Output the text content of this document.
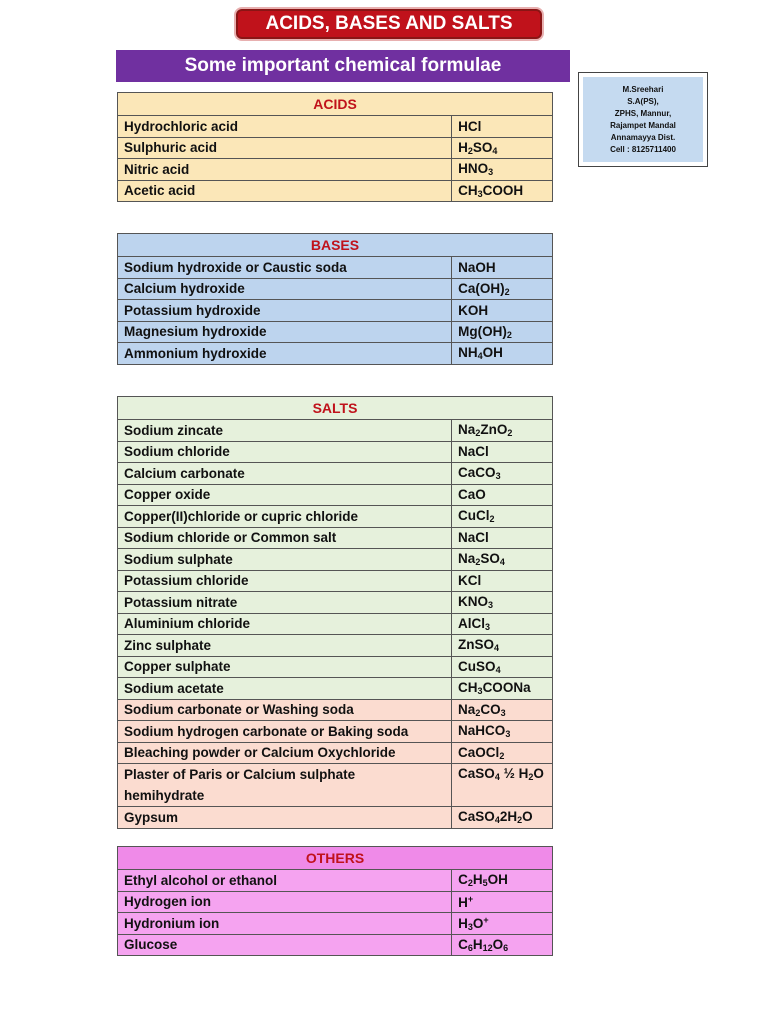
ACIDS, BASES AND SALTS
Some important chemical formulae
M.Sreehari
S.A(PS),
ZPHS, Mannur,
Rajampet Mandal
Annamayya Dist.
Cell : 8125711400
ACIDS	
Hydrochloric acid	HCl
Sulphuric acid	$H_2SO_4$
Nitric acid	$HNO_3$
Acetic acid	$CH_3COOH$
BASES	
Sodium hydroxide or Caustic soda	NaOH
Calcium hydroxide	$Ca(OH)_2$
Potassium hydroxide	KOH
Magnesium hydroxide	$Mg(OH)_2$
Ammonium hydroxide	$NH_4OH$
SALTS	
Sodium zincate	$Na_2ZnO_2$
Sodium chloride	NaCl
Calcium carbonate	CaCO$_3$
Copper oxide	CaO
Copper(II)chloride or cupric chloride	CuCl$_2$
Sodium chloride or Common salt	NaCl
Sodium sulphate	$Na_2SO_4$
Potassium chloride	KCl
Potassium nitrate	$KNO_3$
Aluminium chloride	AlCl$_3$
Zinc sulphate	ZnSO$_4$
Copper sulphate	CuSO$_4$
Sodium acetate	$CH_3COONa$
Sodium carbonate or Washing soda	$Na_2CO_3$
Sodium hydrogen carbonate or Baking soda	NaHCO$_3$
Bleaching powder or Calcium Oxychloride	CaOCl$_2$
Plaster of Paris or Calcium sulphate
hemihydrate	CaSO$_4$ ½ $H_2O$
Gypsum	$CaSO_42H_2O$
OTHERS	
Ethyl alcohol or ethanol	$C_2H_5OH$
Hydrogen ion	H+
Hydronium ion	$H_3O^+$
Glucose	$C_6H_{12}O_6$
